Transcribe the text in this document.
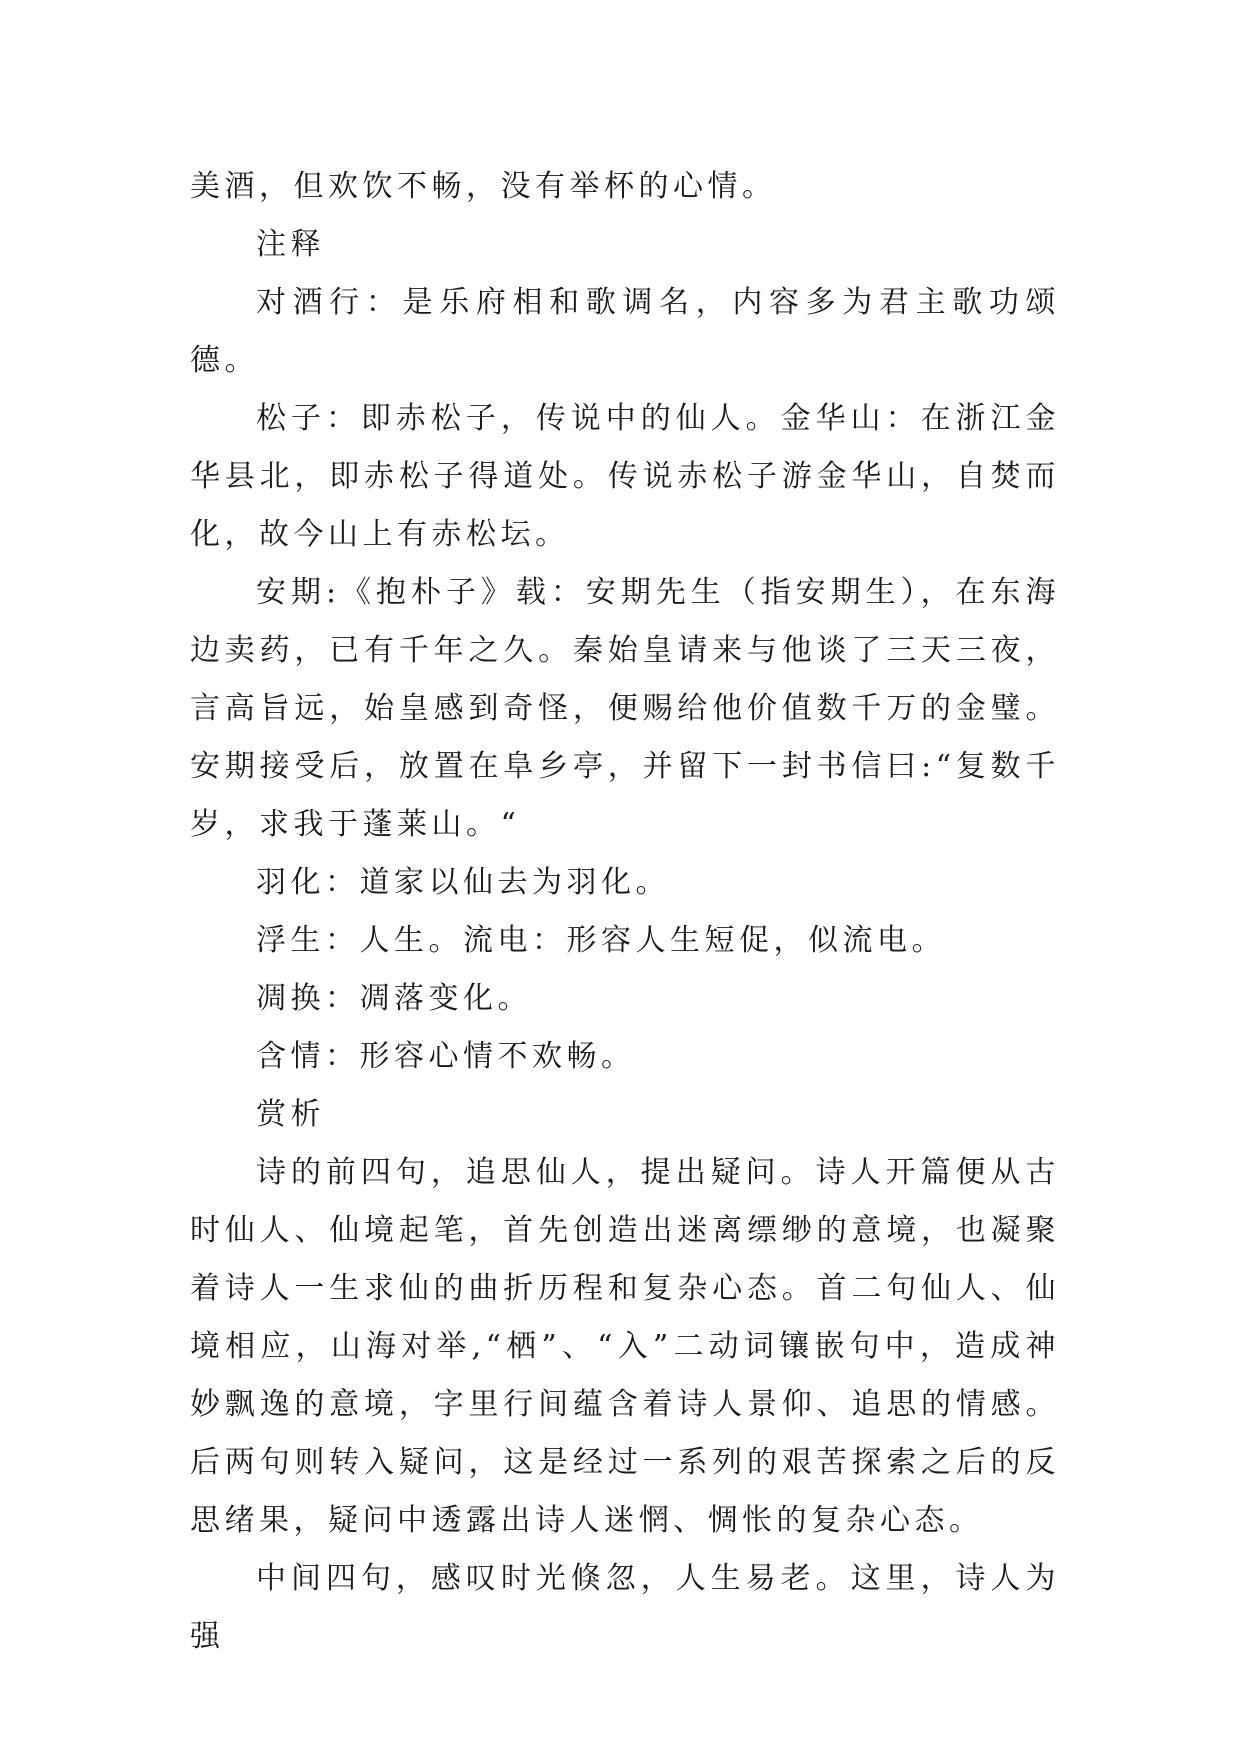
美酒，但欢饮不畅，没有举杯的心情。

注释

对酒行：是乐府相和歌调名，内容多为君主歌功颂德。

松子：即赤松子，传说中的仙人。金华山：在浙江金华县北，即赤松子得道处。传说赤松子游金华山，自焚而化，故今山上有赤松坛。

安期:《抱朴子》载：安期先生（指安期生），在东海边卖药，已有千年之久。秦始皇请来与他谈了三天三夜，言高旨远，始皇感到奇怪，便赐给他价值数千万的金璧。安期接受后，放置在阜乡亭，并留下一封书信曰:“复数千岁，求我于蓬莱山。“

羽化：道家以仙去为羽化。

浮生：人生。流电：形容人生短促，似流电。

凋换：凋落变化。

含情：形容心情不欢畅。

赏析

诗的前四句，追思仙人，提出疑问。诗人开篇便从古时仙人、仙境起笔，首先创造出迷离缥缈的意境，也凝聚着诗人一生求仙的曲折历程和复杂心态。首二句仙人、仙境相应，山海对举,“栖”、“入”二动词镶嵌句中，造成神妙飘逸的意境，字里行间蕴含着诗人景仰、追思的情感。后两句则转入疑问，这是经过一系列的艰苦探索之后的反思绪果，疑问中透露出诗人迷惘、惆怅的复杂心态。

中间四句，感叹时光倏忽，人生易老。这里，诗人为强
